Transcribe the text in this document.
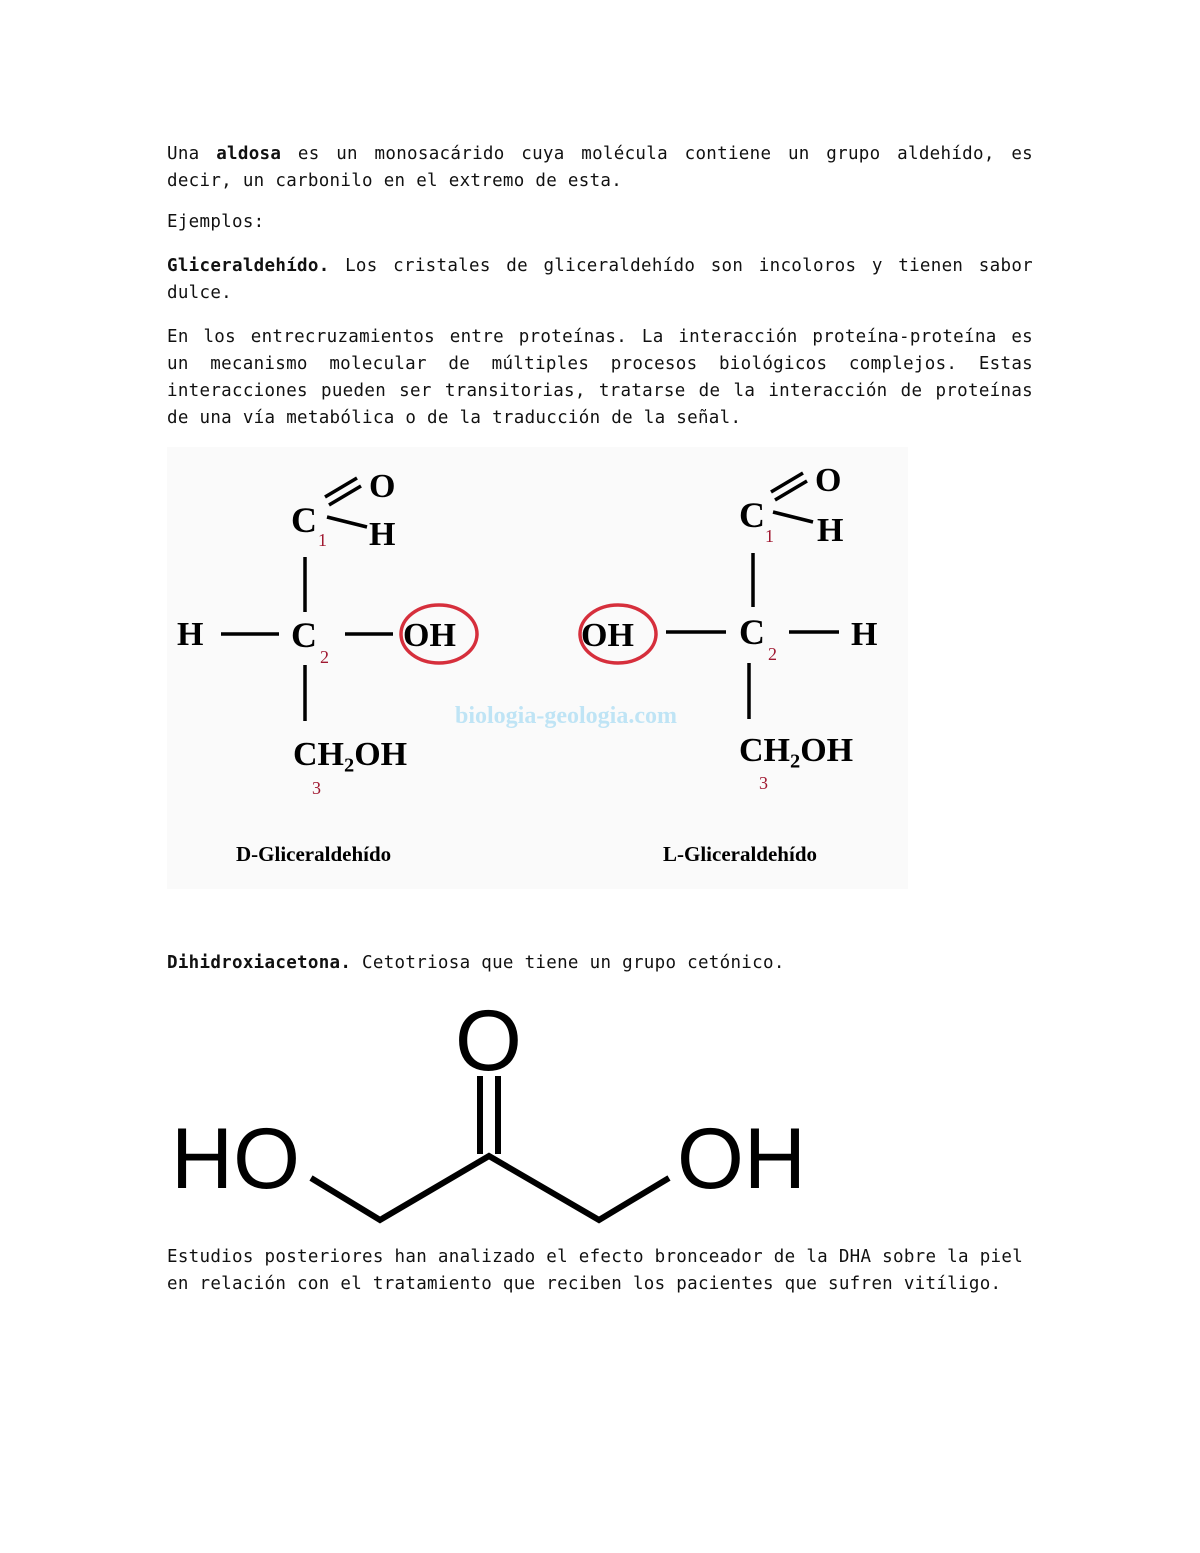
Una aldosa es un monosacárido cuya molécula contiene un grupo aldehído, es decir, un carbonilo en el extremo de esta.

Ejemplos:

Gliceraldehído. Los cristales de gliceraldehído son incoloros y tienen sabor dulce.

En los entrecruzamientos entre proteínas. La interacción proteína-proteína es un mecanismo molecular de múltiples procesos biológicos complejos. Estas interacciones pueden ser transitorias, tratarse de la interacción de proteínas de una vía metabólica o de la traducción de la señal.

biologia-geologia.com
O
H
C 1
H C
2
OH
CH₂OH
3
D-Gliceraldehído
O
H
C
1
OH	C
2
H
CH₂OH
3
L-Gliceraldehído

Dihidroxiacetona. Cetotriosa que tiene un grupo cetónico.

O
HO	OH

Estudios posteriores han analizado el efecto bronceador de la DHA sobre la piel en relación con el tratamiento que reciben los pacientes que sufren vitíligo.
